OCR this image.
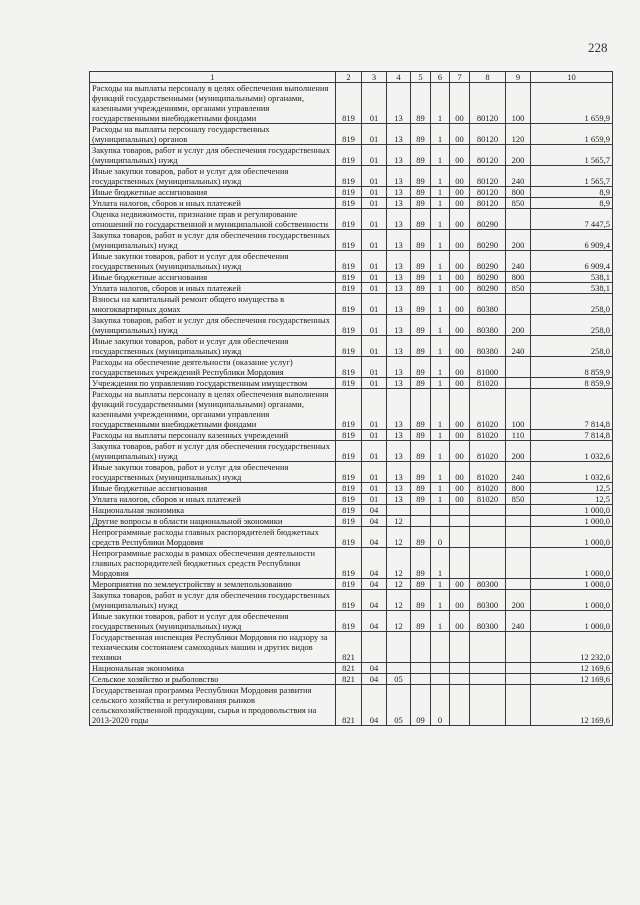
228
1	2	3	4	5	6	7	8	9	10
Расходы на выплаты персоналу в целях обеспечения выполнения функций государственными (муниципальными) органами, казенными учреждениями, органами управления государственными внебюджетными фондами	819	01	13	89	1	00	80120	100	1 659,9
Расходы на выплаты персоналу государственных (муниципальных) органов	819	01	13	89	1	00	80120	120	1 659,9
Закупка товаров, работ и услуг для обеспечения государственных (муниципальных) нужд	819	01	13	89	1	00	80120	200	1 565,7
Иные закупки товаров, работ и услуг для обеспечения государственных (муниципальных) нужд	819	01	13	89	1	00	80120	240	1 565,7
Иные бюджетные ассигнования	819	01	13	89	1	00	80120	800	8,9
Уплата налогов, сборов и иных платежей	819	01	13	89	1	00	80120	850	8,9
Оценка недвижимости, признание прав и регулирование отношений по государственной и муниципальной собственности	819	01	13	89	1	00	80290		7 447,5
Закупка товаров, работ и услуг для обеспечения государственных (муниципальных) нужд	819	01	13	89	1	00	80290	200	6 909,4
Иные закупки товаров, работ и услуг для обеспечения государственных (муниципальных) нужд	819	01	13	89	1	00	80290	240	6 909,4
Иные бюджетные ассигнования	819	01	13	89	1	00	80290	800	538,1
Уплата налогов, сборов и иных платежей	819	01	13	89	1	00	80290	850	538,1
Взносы на капитальный ремонт общего имущества в многоквартирных домах	819	01	13	89	1	00	80380		258,0
Закупка товаров, работ и услуг для обеспечения государственных (муниципальных) нужд	819	01	13	89	1	00	80380	200	258,0
Иные закупки товаров, работ и услуг для обеспечения государственных (муниципальных) нужд	819	01	13	89	1	00	80380	240	258,0
Расходы на обеспечение деятельности (оказание услуг) государственных учреждений Республики Мордовия	819	01	13	89	1	00	81000		8 859,9
Учреждения по управлению государственным имуществом	819	01	13	89	1	00	81020		8 859,9
Расходы на выплаты персоналу в целях обеспечения выполнения функций государственными (муниципальными) органами, казенными учреждениями, органами управления государственными внебюджетными фондами	819	01	13	89	1	00	81020	100	7 814,8
Расходы на выплаты персоналу казенных учреждений	819	01	13	89	1	00	81020	110	7 814,8
Закупка товаров, работ и услуг для обеспечения государственных (муниципальных) нужд	819	01	13	89	1	00	81020	200	1 032,6
Иные закупки товаров, работ и услуг для обеспечения государственных (муниципальных) нужд	819	01	13	89	1	00	81020	240	1 032,6
Иные бюджетные ассигнования	819	01	13	89	1	00	81020	800	12,5
Уплата налогов, сборов и иных платежей	819	01	13	89	1	00	81020	850	12,5
Национальная экономика	819	04							1 000,0
Другие вопросы в области национальной экономики	819	04	12						1 000,0
Непрограммные расходы главных распорядителей бюджетных средств Республики Мордовия	819	04	12	89	0				1 000,0
Непрограммные расходы в рамках обеспечения деятельности главных распорядителей бюджетных средств Республики Мордовия	819	04	12	89	1				1 000,0
Мероприятия по землеустройству и землепользованию	819	04	12	89	1	00	80300		1 000,0
Закупка товаров, работ и услуг для обеспечения государственных (муниципальных) нужд	819	04	12	89	1	00	80300	200	1 000,0
Иные закупки товаров, работ и услуг для обеспечения государственных (муниципальных) нужд	819	04	12	89	1	00	80300	240	1 000,0
Государственная инспекция Республики Мордовия по надзору за техническим состоянием самоходных машин и других видов техники	821								12 232,0
Национальная экономика	821	04							12 169,6
Сельское хозяйство и рыболовство	821	04	05						12 169,6
Государственная программа Республики Мордовия развития сельского хозяйства и регулирования рынков сельскохозяйственной продукции, сырья и продовольствия на 2013-2020 годы	821	04	05	09	0				12 169,6
